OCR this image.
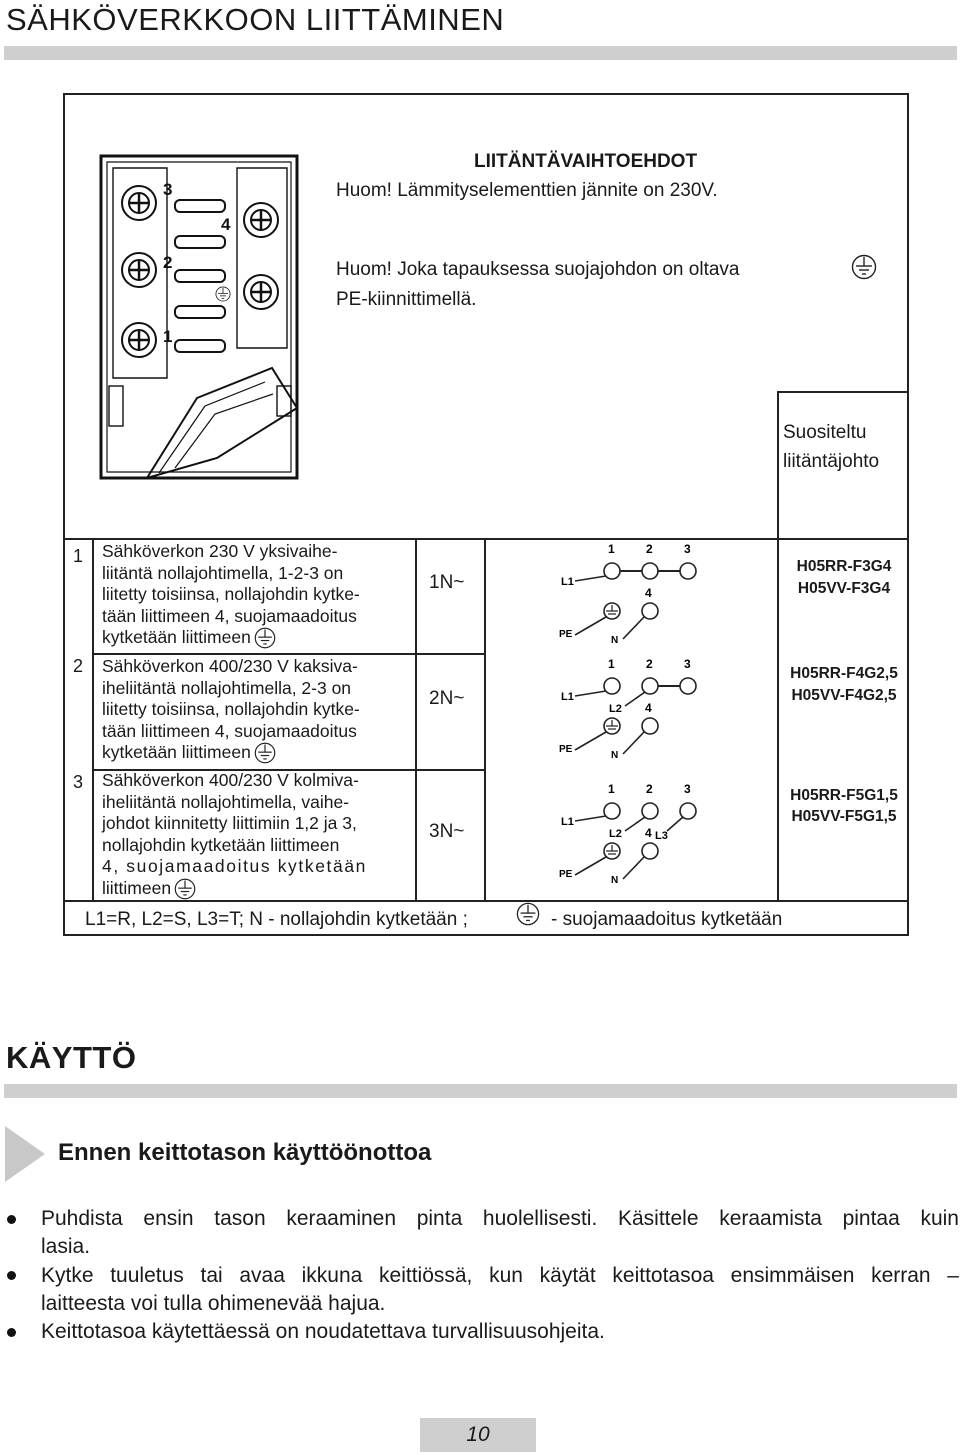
SÄHKÖVERKKOON LIITTÄMINEN
3
2
1
4
LIITÄNTÄVAIHTOEHDOT
Huom! Lämmityselementtien jännite on 230V.
Huom! Joka tapauksessa suojajohdon on oltava
PE-kiinnittimellä.
Suositeltu
liitäntäjohto
1 Sähköverkon 230 V yksivaihe-
liitäntä nollajohtimella, 1-2-3 on
liitetty toisiinsa, nollajohdin kytke-
tään liittimeen 4, suojamaadoitus
kytketään liittimeen
1N~
1	2	3
L1
4
PE
N
H05RR-F3G4
H05VV-F3G4
2 Sähköverkon 400/230 V kaksiva-
iheliitäntä nollajohtimella, 2-3 on
liitetty toisiinsa, nollajohdin kytke-
tään liittimeen 4, suojamaadoitus
kytketään liittimeen
2N~
1	2	3
L1
L2 4
PE
N
H05RR-F4G2,5
H05VV-F4G2,5
3 Sähköverkon 400/230 V kolmiva-
iheliitäntä nollajohtimella, vaihe-
johdot kiinnitetty liittimiin 1,2 ja 3,
nollajohdin kytketään liittimeen
4, suojamaadoitus kytketään
liittimeen
3N~
1	2	3
L1
L2	L3
4
PE
N
H05RR-F5G1,5
H05VV-F5G1,5
L1=R, L2=S, L3=T; N - nollajohdin kytketään ;	- suojamaadoitus kytketään
KÄYTTÖ
Ennen keittotason käyttöönottoa
Puhdista ensin tason keraaminen pinta huolellisesti. Käsittele keraamista pintaa kuin
lasia.
Kytke tuuletus tai avaa ikkuna keittiössä, kun käytät keittotasoa ensimmäisen kerran –
laitteesta voi tulla ohimenevää hajua.
Keittotasoa käytettäessä on noudatettava turvallisuusohjeita.
10
